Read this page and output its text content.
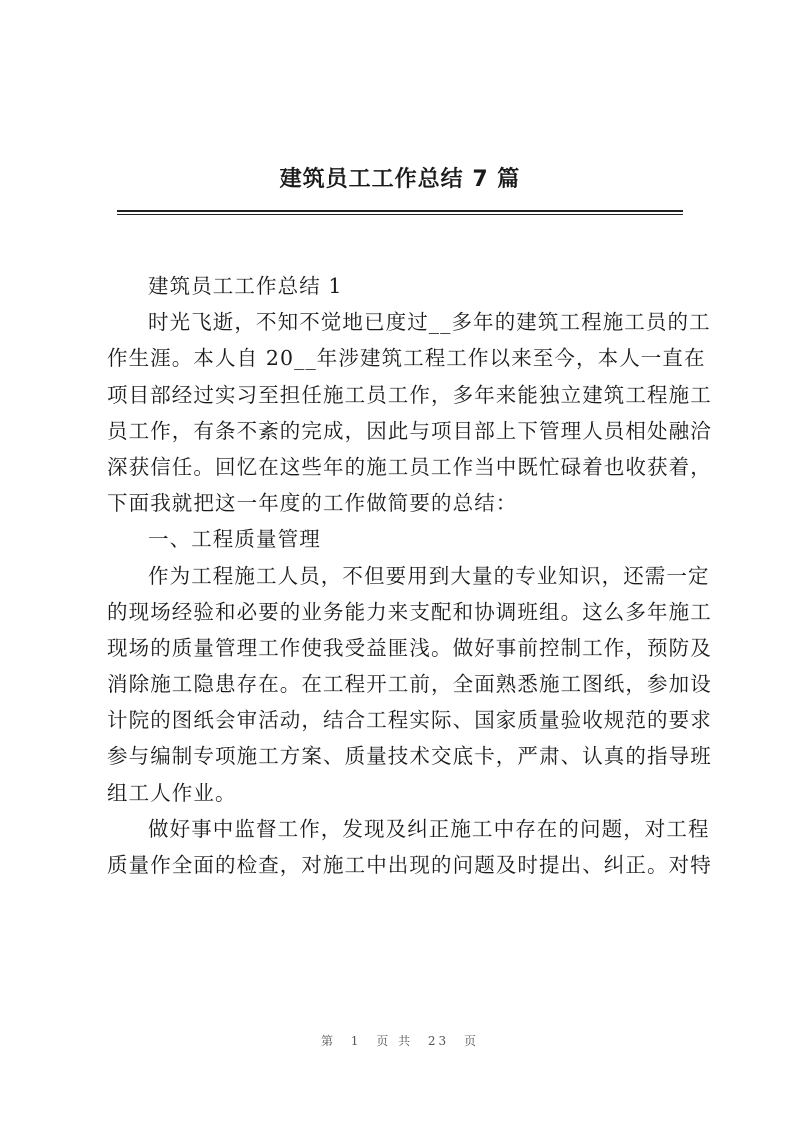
建筑员工工作总结 7 篇
建筑员工工作总结 1
时光飞逝，不知不觉地已度过__多年的建筑工程施工员的工
作生涯。本人自 20__年涉建筑工程工作以来至今，本人一直在
项目部经过实习至担任施工员工作，多年来能独立建筑工程施工
员工作，有条不紊的完成，因此与项目部上下管理人员相处融洽
深获信任。回忆在这些年的施工员工作当中既忙碌着也收获着，
下面我就把这一年度的工作做简要的总结：
一、工程质量管理
作为工程施工人员，不但要用到大量的专业知识，还需一定
的现场经验和必要的业务能力来支配和协调班组。这么多年施工
现场的质量管理工作使我受益匪浅。做好事前控制工作，预防及
消除施工隐患存在。在工程开工前，全面熟悉施工图纸，参加设
计院的图纸会审活动，结合工程实际、国家质量验收规范的要求
参与编制专项施工方案、质量技术交底卡，严肃、认真的指导班
组工人作业。
做好事中监督工作，发现及纠正施工中存在的问题，对工程
质量作全面的检查，对施工中出现的问题及时提出、纠正。对特
第 1 页 共 23 页
